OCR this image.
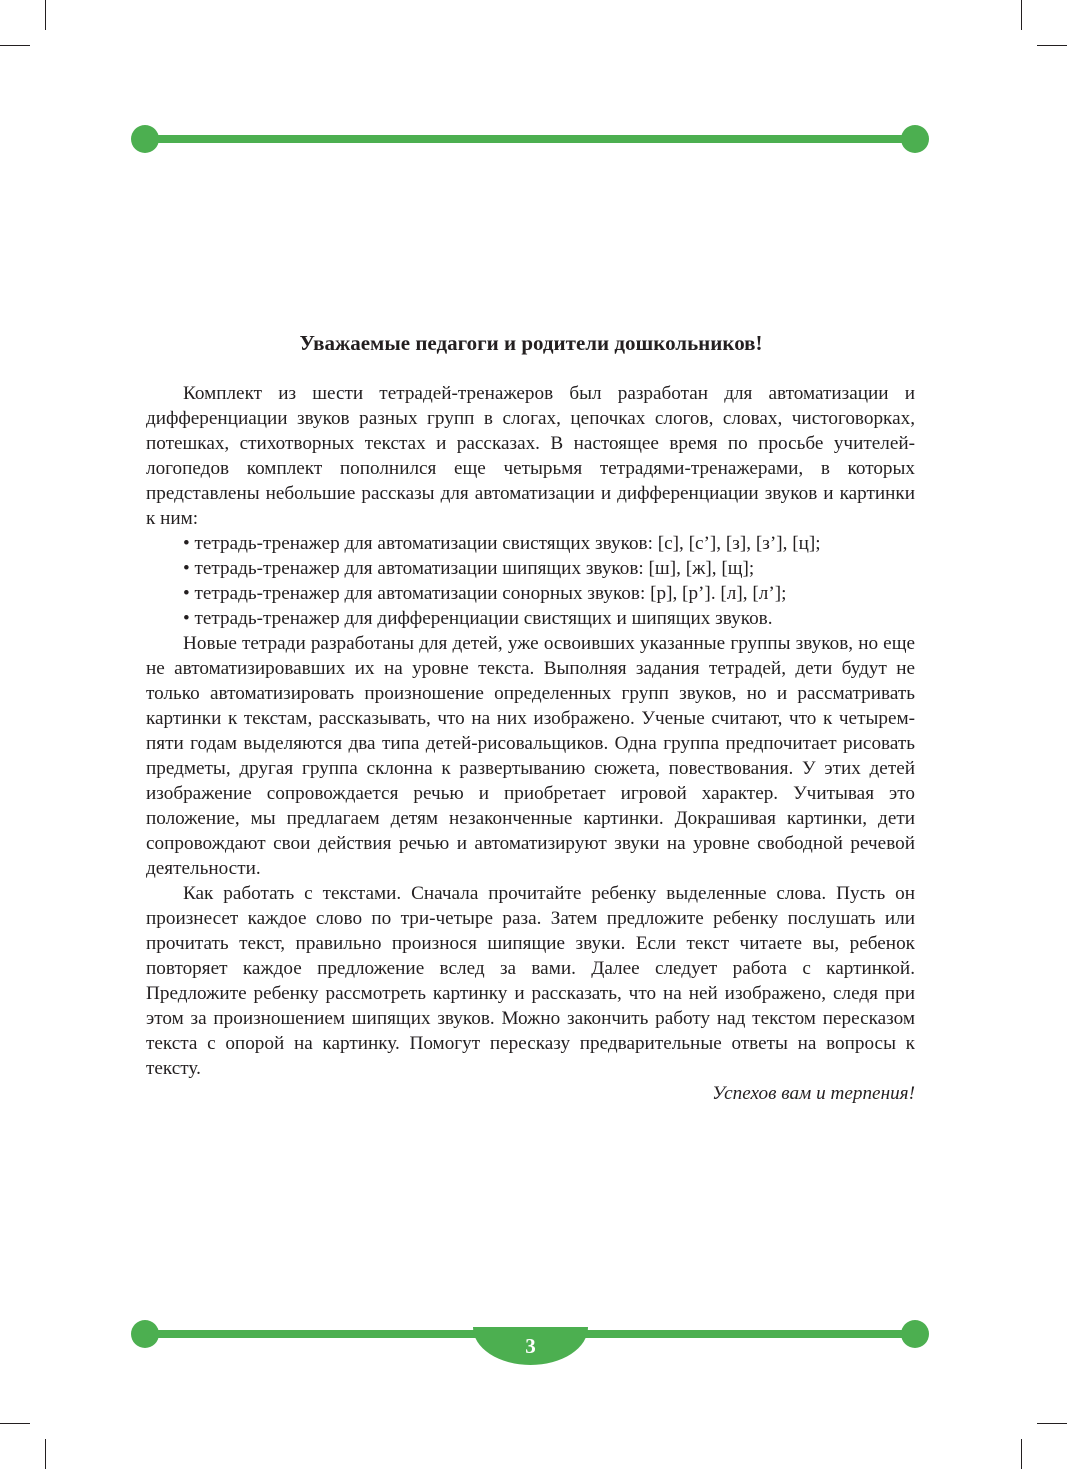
Уважаемые педагоги и родители дошкольников!

Комплект из шести тетрадей-тренажеров был разработан для автоматизации и дифференциации звуков разных групп в слогах, цепочках слогов, словах, чистоговорках, потешках, стихотворных текстах и рассказах. В настоящее время по просьбе учителей-логопедов комплект пополнился еще четырьмя тетрадями-тренажерами, в которых представлены небольшие рассказы для автоматизации и дифференциации звуков и картинки к ним:

• тетрадь-тренажер для автоматизации свистящих звуков: [с], [с’], [з], [з’], [ц];
• тетрадь-тренажер для автоматизации шипящих звуков: [ш], [ж], [щ];
• тетрадь-тренажер для автоматизации сонорных звуков: [р], [р’]. [л], [л’];
• тетрадь-тренажер для дифференциации свистящих и шипящих звуков.

Новые тетради разработаны для детей, уже освоивших указанные группы звуков, но еще не автоматизировавших их на уровне текста. Выполняя задания тетрадей, дети будут не только автоматизировать произношение определенных групп звуков, но и рассматривать картинки к текстам, рассказывать, что на них изображено. Ученые считают, что к четырем-пяти годам выделяются два типа детей-рисовальщиков. Одна группа предпочитает рисовать предметы, другая группа склонна к развертыванию сюжета, повествования. У этих детей изображение сопровождается речью и приобретает игровой характер. Учитывая это положение, мы предлагаем детям незаконченные картинки. Докрашивая картинки, дети сопровождают свои действия речью и автоматизируют звуки на уровне свободной речевой деятельности.

Как работать с текстами. Сначала прочитайте ребенку выделенные слова. Пусть он произнесет каждое слово по три-четыре раза. Затем предложите ребенку послушать или прочитать текст, правильно произнося шипящие звуки. Если текст читаете вы, ребенок повторяет каждое предложение вслед за вами. Далее следует работа с картинкой. Предложите ребенку рассмотреть картинку и рассказать, что на ней изображено, следя при этом за произношением шипящих звуков. Можно закончить работу над текстом пересказом текста с опорой на картинку. Помогут пересказу предварительные ответы на вопросы к тексту.

Успехов вам и терпения!

3
